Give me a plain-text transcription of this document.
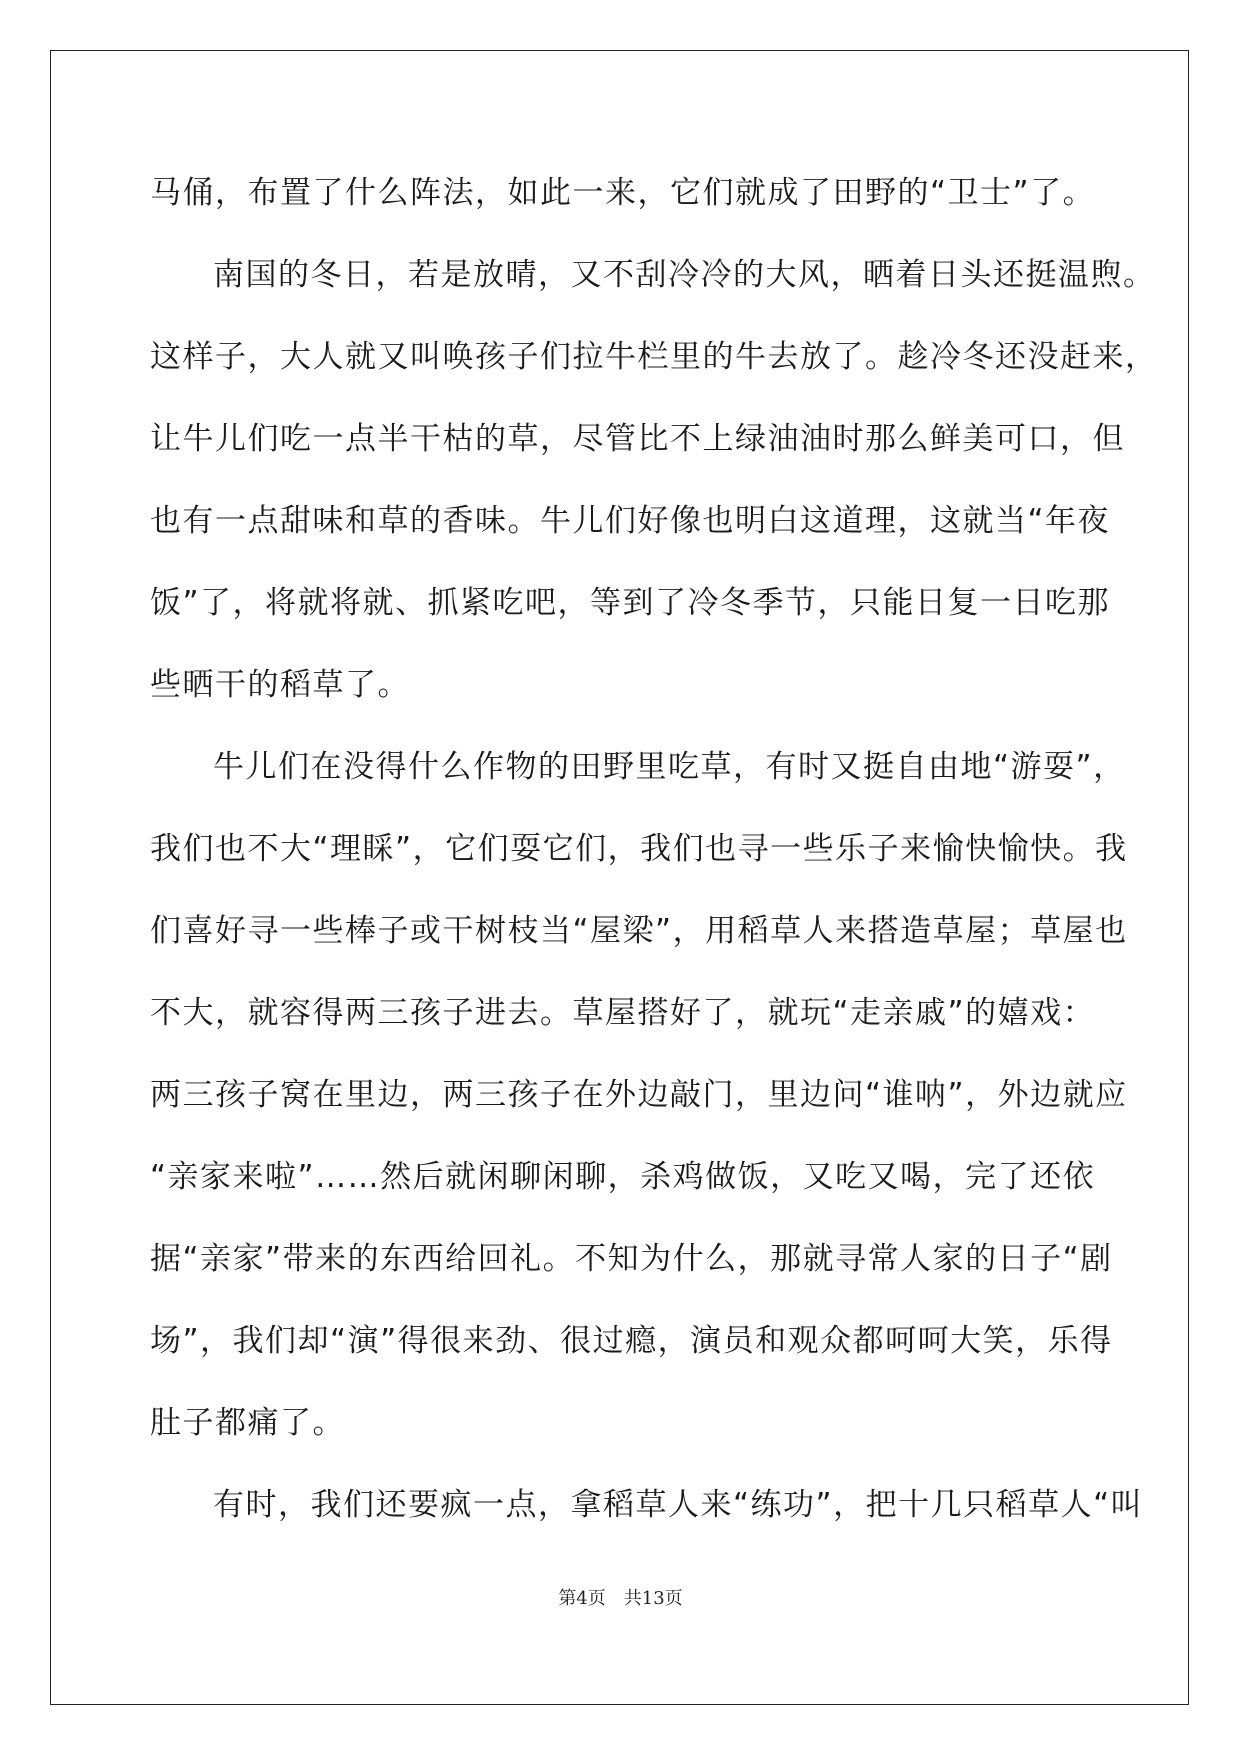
马俑，布置了什么阵法，如此一来，它们就成了田野的“卫士”了。
南国的冬日，若是放晴，又不刮冷冷的大风，晒着日头还挺温煦。
这样子，大人就又叫唤孩子们拉牛栏里的牛去放了。趁冷冬还没赶来，
让牛儿们吃一点半干枯的草，尽管比不上绿油油时那么鲜美可口，但
也有一点甜味和草的香味。牛儿们好像也明白这道理，这就当“年夜
饭”了，将就将就、抓紧吃吧，等到了冷冬季节，只能日复一日吃那
些晒干的稻草了。
牛儿们在没得什么作物的田野里吃草，有时又挺自由地“游耍”，
我们也不大“理睬”，它们耍它们，我们也寻一些乐子来愉快愉快。我
们喜好寻一些棒子或干树枝当“屋梁”，用稻草人来搭造草屋；草屋也
不大，就容得两三孩子进去。草屋搭好了，就玩“走亲戚”的嬉戏：
两三孩子窝在里边，两三孩子在外边敲门，里边问“谁呐”，外边就应
“亲家来啦”……然后就闲聊闲聊，杀鸡做饭，又吃又喝，完了还依
据“亲家”带来的东西给回礼。不知为什么，那就寻常人家的日子“剧
场”，我们却“演”得很来劲、很过瘾，演员和观众都呵呵大笑，乐得
肚子都痛了。
有时，我们还要疯一点，拿稻草人来“练功”，把十几只稻草人“叫
第4页 共13页
